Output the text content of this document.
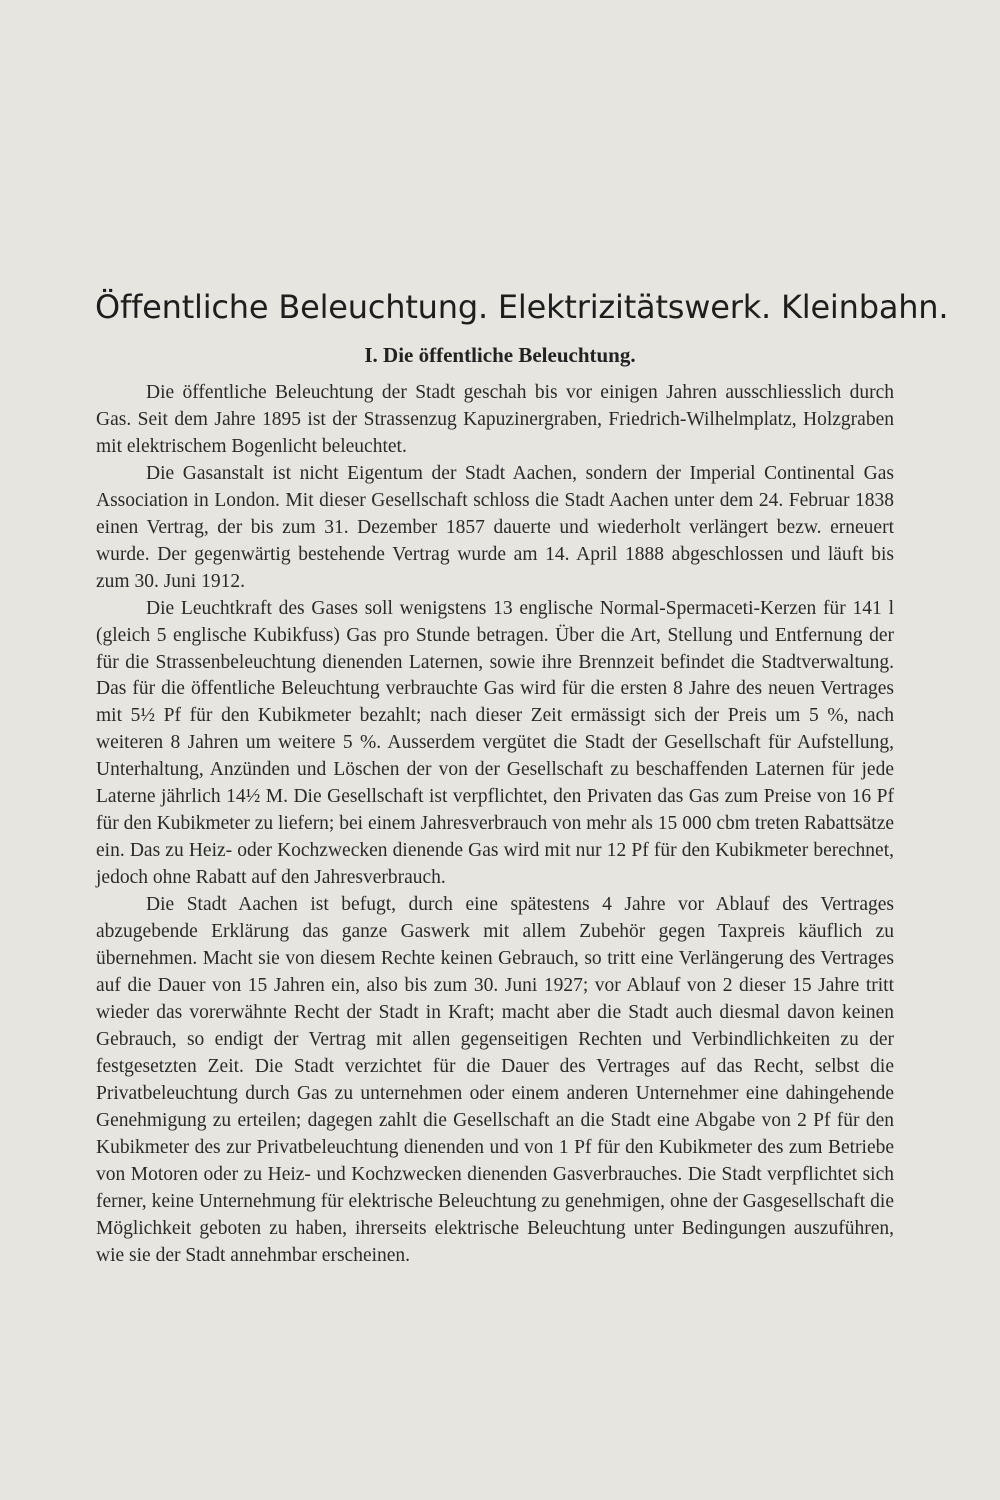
Öffentliche Beleuchtung. Elektrizitätswerk. Kleinbahn.
I. Die öffentliche Beleuchtung.

Die öffentliche Beleuchtung der Stadt geschah bis vor einigen Jahren ausschliesslich durch Gas. Seit dem Jahre 1895 ist der Strassenzug Kapuzinergraben, Friedrich-Wilhelmplatz, Holzgraben mit elektrischem Bogenlicht beleuchtet.

Die Gasanstalt ist nicht Eigentum der Stadt Aachen, sondern der Imperial Continental Gas Association in London. Mit dieser Gesellschaft schloss die Stadt Aachen unter dem 24. Februar 1838 einen Vertrag, der bis zum 31. Dezember 1857 dauerte und wiederholt verlängert bezw. erneuert wurde. Der gegenwärtig bestehende Vertrag wurde am 14. April 1888 abgeschlossen und läuft bis zum 30. Juni 1912.

Die Leuchtkraft des Gases soll wenigstens 13 englische Normal-Spermaceti-Kerzen für 141 l (gleich 5 englische Kubikfuss) Gas pro Stunde betragen. Über die Art, Stellung und Entfernung der für die Strassenbeleuchtung dienenden Laternen, sowie ihre Brennzeit befindet die Stadtverwaltung. Das für die öffentliche Beleuchtung verbrauchte Gas wird für die ersten 8 Jahre des neuen Vertrages mit 5½ Pf für den Kubikmeter bezahlt; nach dieser Zeit ermässigt sich der Preis um 5 %, nach weiteren 8 Jahren um weitere 5 %. Ausserdem vergütet die Stadt der Gesellschaft für Aufstellung, Unterhaltung, Anzünden und Löschen der von der Gesellschaft zu beschaffenden Laternen für jede Laterne jährlich 14½ M. Die Gesellschaft ist verpflichtet, den Privaten das Gas zum Preise von 16 Pf für den Kubikmeter zu liefern; bei einem Jahresverbrauch von mehr als 15 000 cbm treten Rabattsätze ein. Das zu Heiz- oder Kochzwecken dienende Gas wird mit nur 12 Pf für den Kubikmeter berechnet, jedoch ohne Rabatt auf den Jahresverbrauch.

Die Stadt Aachen ist befugt, durch eine spätestens 4 Jahre vor Ablauf des Vertrages abzugebende Erklärung das ganze Gaswerk mit allem Zubehör gegen Taxpreis käuflich zu übernehmen. Macht sie von diesem Rechte keinen Gebrauch, so tritt eine Verlängerung des Vertrages auf die Dauer von 15 Jahren ein, also bis zum 30. Juni 1927; vor Ablauf von 2 dieser 15 Jahre tritt wieder das vorerwähnte Recht der Stadt in Kraft; macht aber die Stadt auch diesmal davon keinen Gebrauch, so endigt der Vertrag mit allen gegenseitigen Rechten und Verbindlichkeiten zu der festgesetzten Zeit. Die Stadt verzichtet für die Dauer des Vertrages auf das Recht, selbst die Privatbeleuchtung durch Gas zu unternehmen oder einem anderen Unternehmer eine dahingehende Genehmigung zu erteilen; dagegen zahlt die Gesellschaft an die Stadt eine Abgabe von 2 Pf für den Kubikmeter des zur Privatbeleuchtung dienenden und von 1 Pf für den Kubikmeter des zum Betriebe von Motoren oder zu Heiz- und Kochzwecken dienenden Gasverbrauches. Die Stadt verpflichtet sich ferner, keine Unternehmung für elektrische Beleuchtung zu genehmigen, ohne der Gasgesellschaft die Möglichkeit geboten zu haben, ihrerseits elektrische Beleuchtung unter Bedingungen auszuführen, wie sie der Stadt annehmbar erscheinen.
